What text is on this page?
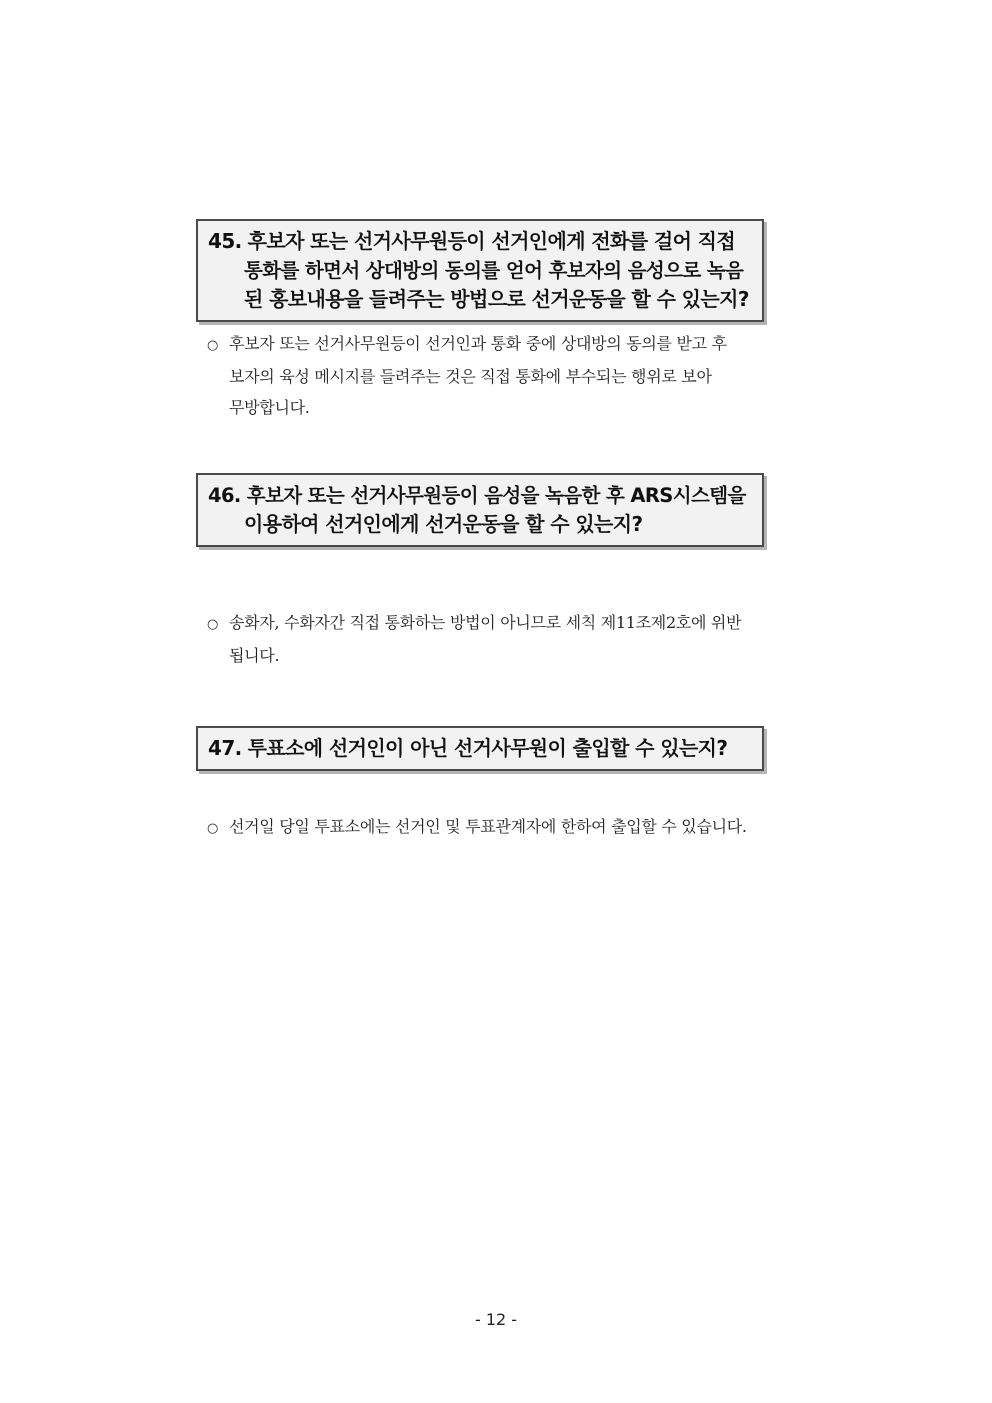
45. 후보자 또는 선거사무원등이 선거인에게 전화를 걸어 직접
통화를 하면서 상대방의 동의를 얻어 후보자의 음성으로 녹음
된 홍보내용을 들려주는 방법으로 선거운동을 할 수 있는지?
○ 후보자 또는 선거사무원등이 선거인과 통화 중에 상대방의 동의를 받고 후
보자의 육성 메시지를 들려주는 것은 직접 통화에 부수되는 행위로 보아
무방합니다.
46. 후보자 또는 선거사무원등이 음성을 녹음한 후 ARS시스템을
이용하여 선거인에게 선거운동을 할 수 있는지?
○ 송화자, 수화자간 직접 통화하는 방법이 아니므로 세칙 제11조제2호에 위반
됩니다.
47. 투표소에 선거인이 아닌 선거사무원이 출입할 수 있는지?
○ 선거일 당일 투표소에는 선거인 및 투표관계자에 한하여 출입할 수 있습니다.
- 12 -
